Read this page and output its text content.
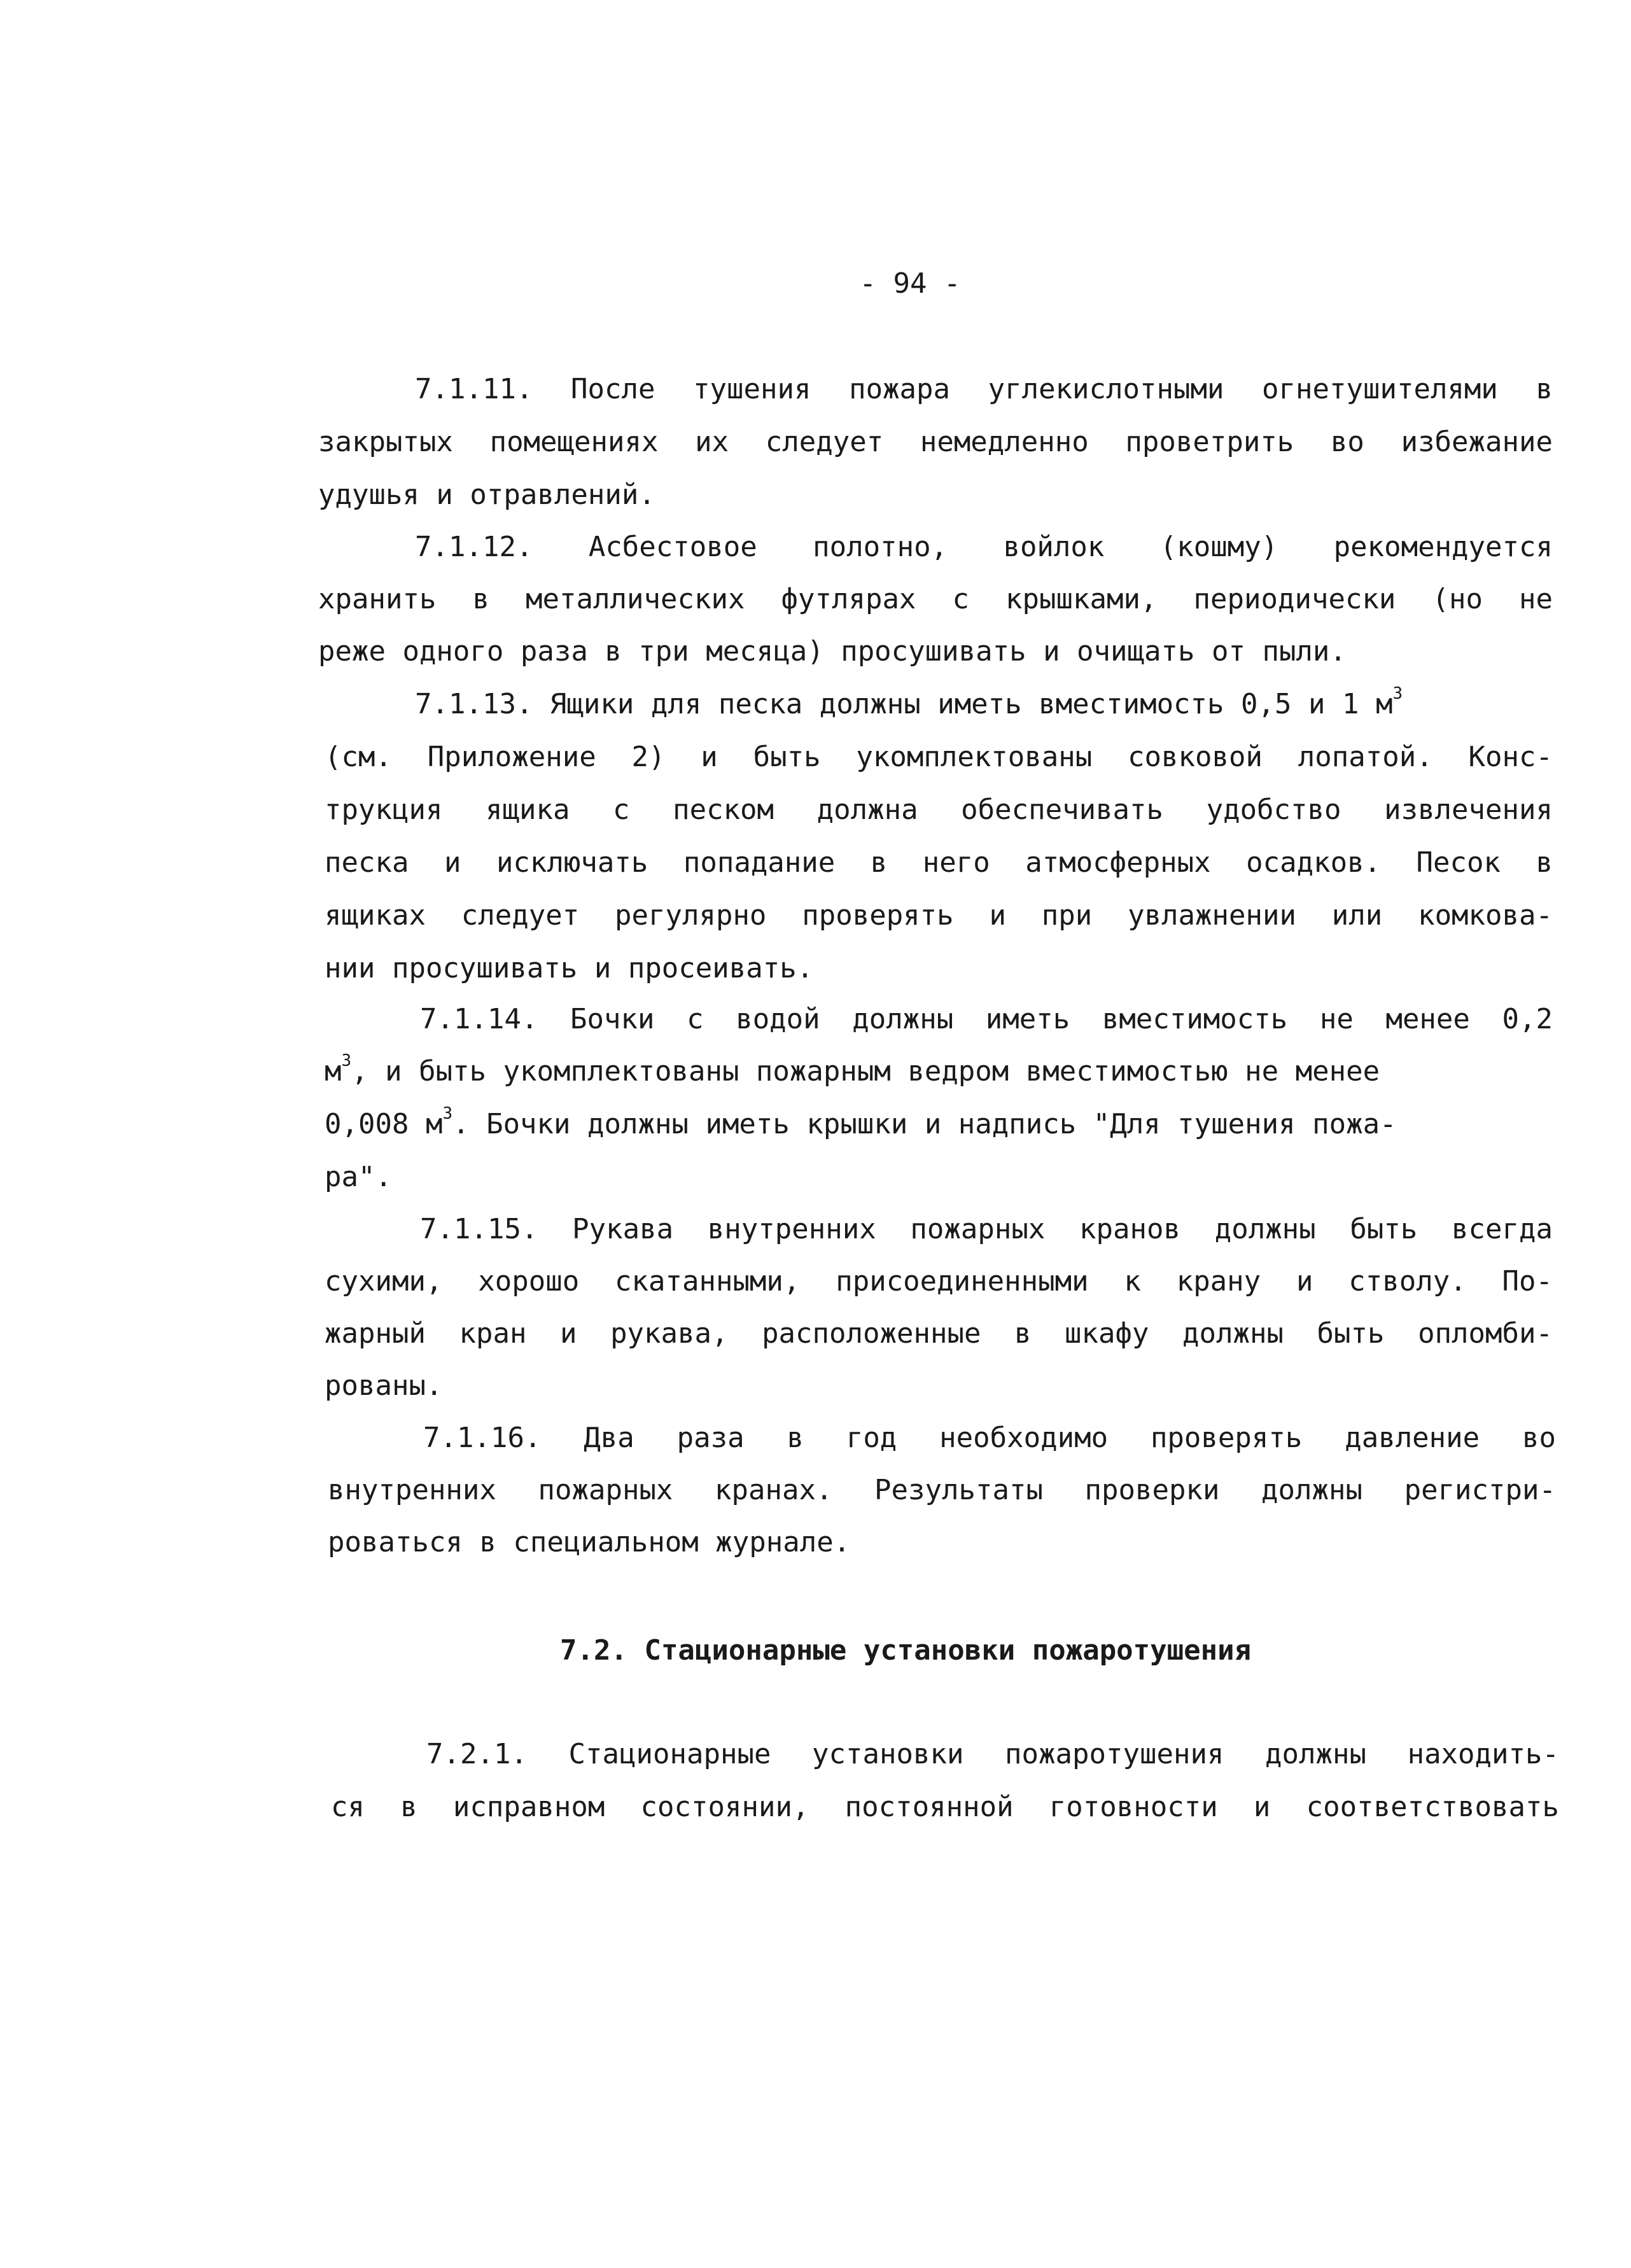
- 94 -
7.1.11. После тушения пожара углекислотными огнетушителями в
закрытых помещениях их следует немедленно проветрить во избежание
удушья и отравлений.
7.1.12. Асбестовое полотно, войлок (кошму) рекомендуется
хранить в металлических футлярах с крышками, периодически (но не
реже одного раза в три месяца) просушивать и очищать от пыли.
7.1.13. Ящики для песка должны иметь вместимость 0,5 и 1 $м^3$
(см. Приложение 2) и быть укомплектованы совковой лопатой. Конс-
трукция ящика с песком должна обеспечивать удобство извлечения
песка и исключать попадание в него атмосферных осадков. Песок в
ящиках следует регулярно проверять и при увлажнении или комкова-
нии просушивать и просеивать.
7.1.14. Бочки с водой должны иметь вместимость не менее 0,2
$м^3$, и быть укомплектованы пожарным ведром вместимостью не менее
0,008 $м^3$. Бочки должны иметь крышки и надпись "Для тушения пожа-
ра".
7.1.15. Рукава внутренних пожарных кранов должны быть всегда
сухими, хорошо скатанными, присоединенными к крану и стволу. По-
жарный кран и рукава, расположенные в шкафу должны быть опломби-
рованы.
7.1.16. Два раза в год необходимо проверять давление во
внутренних пожарных кранах. Результаты проверки должны регистри-
роваться в специальном журнале.
7.2. Стационарные установки пожаротушения
7.2.1. Стационарные установки пожаротушения должны находить-
ся в исправном состоянии, постоянной готовности и соответствовать
